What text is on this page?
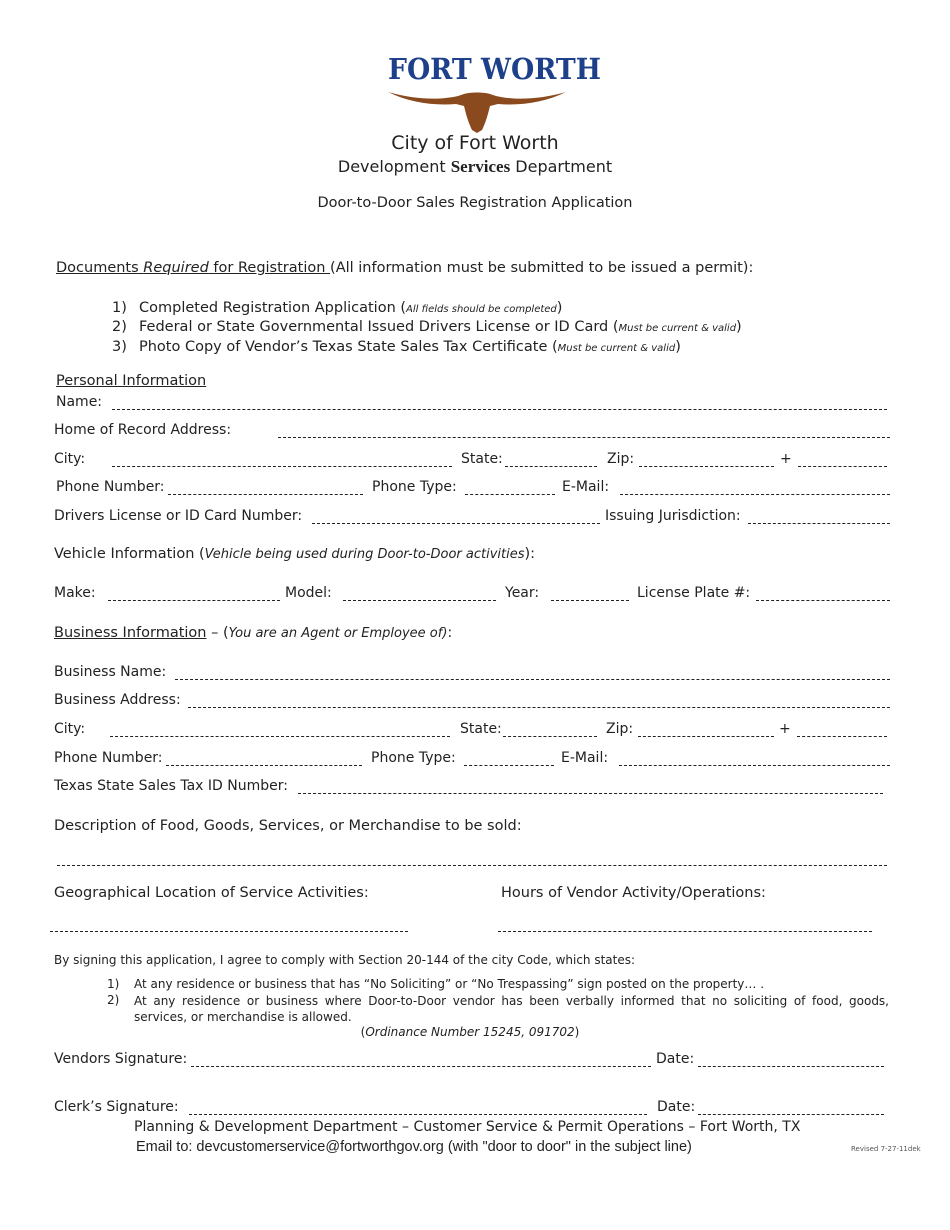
FORT WORTH
City of Fort Worth
Development Services Department
Door-to-Door Sales Registration Application
Documents Required for Registration (All information must be submitted to be issued a permit):
1) Completed Registration Application (All fields should be completed)
2) Federal or State Governmental Issued Drivers License or ID Card (Must be current & valid)
3) Photo Copy of Vendor’s Texas State Sales Tax Certificate (Must be current & valid)
Personal Information
Name:
Home of Record Address:
City:	State:	Zip:	+
Phone Number:	Phone Type:	E-Mail:
Drivers License or ID Card Number:	Issuing Jurisdiction:
Vehicle Information (Vehicle being used during Door-to-Door activities):
Make:	Model:	Year:	License Plate #:
Business Information – (You are an Agent or Employee of):
Business Name:
Business Address:
City:	State:	Zip:	+
Phone Number:	Phone Type:	E-Mail:
Texas State Sales Tax ID Number:
Description of Food, Goods, Services, or Merchandise to be sold:
Geographical Location of Service Activities:	Hours of Vendor Activity/Operations:
By signing this application, I agree to comply with Section 20-144 of the city Code, which states:
1) At any residence or business that has “No Soliciting” or “No Trespassing” sign posted on the property… .
2) At any residence or business where Door-to-Door vendor has been verbally informed that no soliciting of food, goods, services, or merchandise is allowed.
(Ordinance Number 15245, 091702)
Vendors Signature:	Date:
Clerk’s Signature:	Date:
Planning & Development Department – Customer Service & Permit Operations – Fort Worth, TX
Email to: devcustomerservice@fortworthgov.org (with "door to door" in the subject line)	Revised 7-27-11dek
